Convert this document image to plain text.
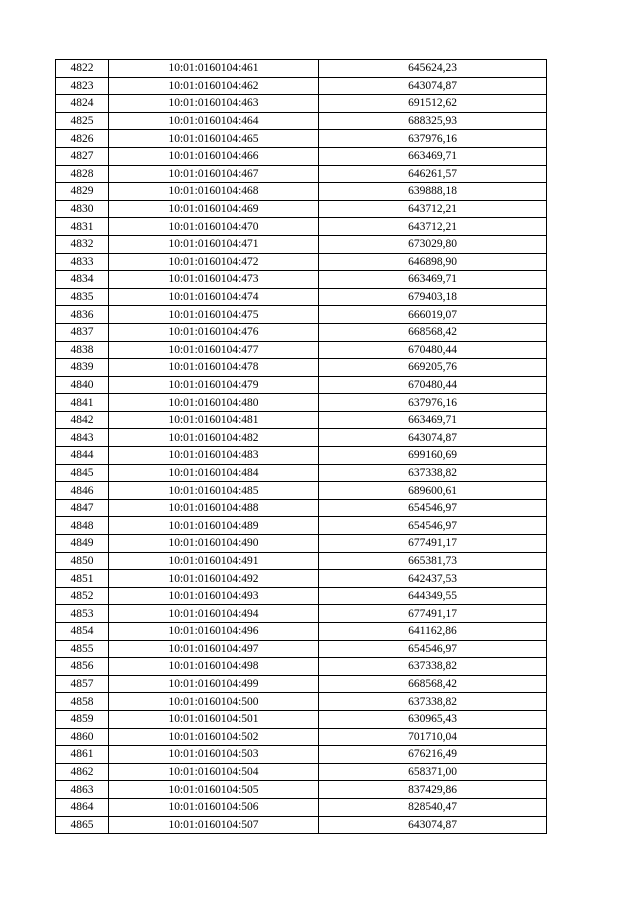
4822	10:01:0160104:461	645624,23
4823	10:01:0160104:462	643074,87
4824	10:01:0160104:463	691512,62
4825	10:01:0160104:464	688325,93
4826	10:01:0160104:465	637976,16
4827	10:01:0160104:466	663469,71
4828	10:01:0160104:467	646261,57
4829	10:01:0160104:468	639888,18
4830	10:01:0160104:469	643712,21
4831	10:01:0160104:470	643712,21
4832	10:01:0160104:471	673029,80
4833	10:01:0160104:472	646898,90
4834	10:01:0160104:473	663469,71
4835	10:01:0160104:474	679403,18
4836	10:01:0160104:475	666019,07
4837	10:01:0160104:476	668568,42
4838	10:01:0160104:477	670480,44
4839	10:01:0160104:478	669205,76
4840	10:01:0160104:479	670480,44
4841	10:01:0160104:480	637976,16
4842	10:01:0160104:481	663469,71
4843	10:01:0160104:482	643074,87
4844	10:01:0160104:483	699160,69
4845	10:01:0160104:484	637338,82
4846	10:01:0160104:485	689600,61
4847	10:01:0160104:488	654546,97
4848	10:01:0160104:489	654546,97
4849	10:01:0160104:490	677491,17
4850	10:01:0160104:491	665381,73
4851	10:01:0160104:492	642437,53
4852	10:01:0160104:493	644349,55
4853	10:01:0160104:494	677491,17
4854	10:01:0160104:496	641162,86
4855	10:01:0160104:497	654546,97
4856	10:01:0160104:498	637338,82
4857	10:01:0160104:499	668568,42
4858	10:01:0160104:500	637338,82
4859	10:01:0160104:501	630965,43
4860	10:01:0160104:502	701710,04
4861	10:01:0160104:503	676216,49
4862	10:01:0160104:504	658371,00
4863	10:01:0160104:505	837429,86
4864	10:01:0160104:506	828540,47
4865	10:01:0160104:507	643074,87
